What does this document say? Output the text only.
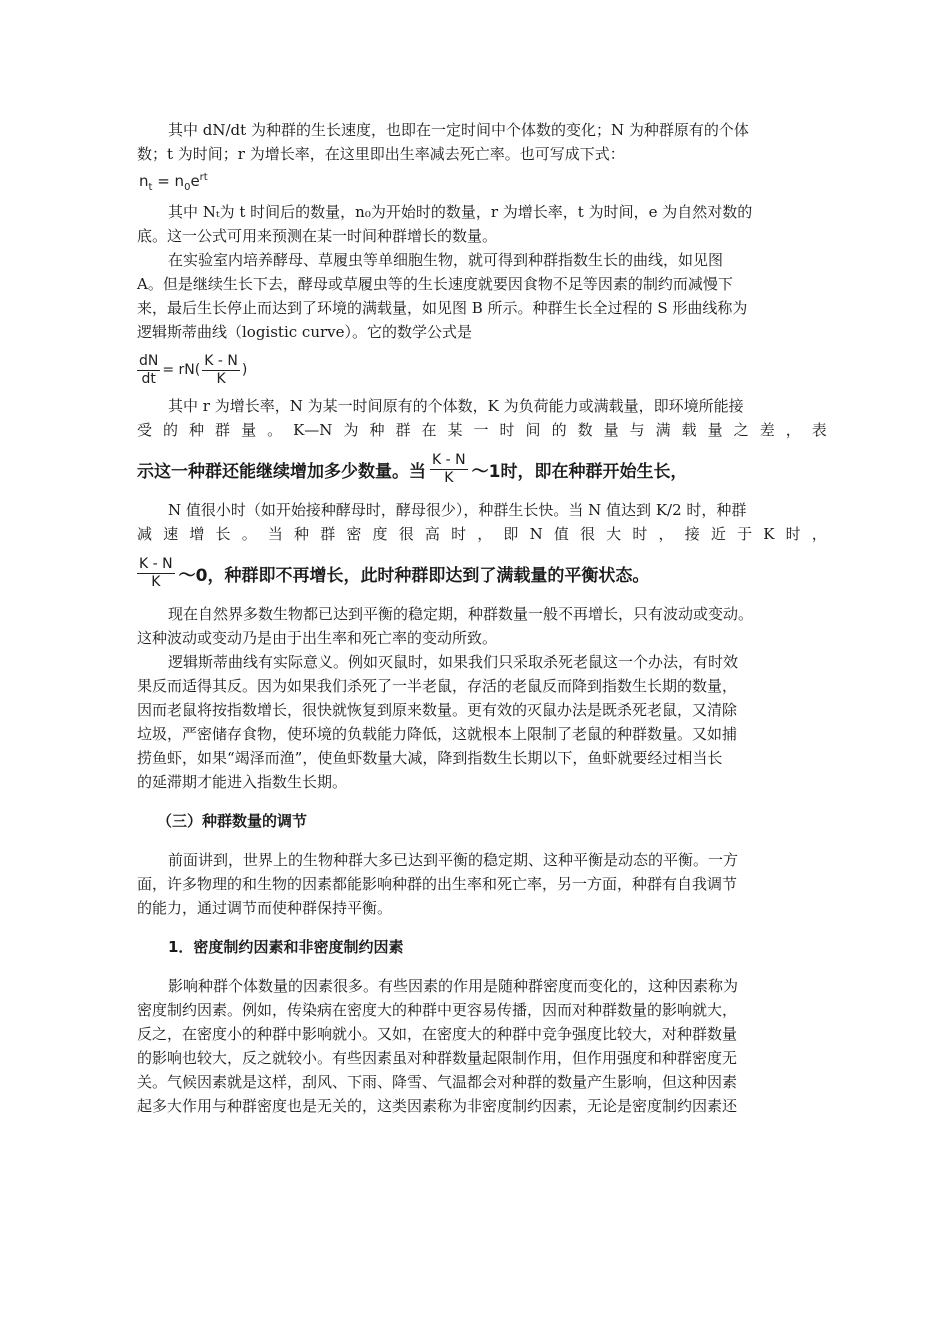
其中 dN/dt 为种群的生长速度，也即在一定时间中个体数的变化；N 为种群原有的个体

数；t 为时间；r 为增长率，在这里即出生率减去死亡率。也可写成下式：

$n_t = n_0e^{rt}$

其中 Nₜ为 t 时间后的数量，n₀为开始时的数量，r 为增长率，t 为时间，e 为自然对数的

底。这一公式可用来预测在某一时间种群增长的数量。

在实验室内培养酵母、草履虫等单细胞生物，就可得到种群指数生长的曲线，如见图

A。但是继续生长下去，酵母或草履虫等的生长速度就要因食物不足等因素的制约而减慢下

来，最后生长停止而达到了环境的满载量，如见图 B 所示。种群生长全过程的 S 形曲线称为

逻辑斯蒂曲线（logistic curve）。它的数学公式是

$\frac{dN}{dt} = rN( \frac{K - N}{K}$ )

其中 r 为增长率，N 为某一时间原有的个体数，K 为负荷能力或满载量，即环境所能接

受 的 种 群 量 。 K—N 为 种 群 在 某 一 时 间 的 数 量 与 满 载 量 之 差 ， 表
示这一种群还能继续增加多少数量。当 $\frac{K - N}{K}$ ～1时，即在种群开始生长，

N 值很小时（如开始接种酵母时，酵母很少），种群生长快。当 N 值达到 K/2 时，种群

减 速 增 长 。 当 种 群 密 度 很 高 时 ， 即 N 值 很 大 时 ， 接 近 于 K 时 ，
$\frac{K - N}{K}$ ～0，种群即不再增长，此时种群即达到了满载量的平衡状态。

现在自然界多数生物都已达到平衡的稳定期，种群数量一般不再增长，只有波动或变动。

这种波动或变动乃是由于出生率和死亡率的变动所致。

逻辑斯蒂曲线有实际意义。例如灭鼠时，如果我们只采取杀死老鼠这一个办法，有时效

果反而适得其反。因为如果我们杀死了一半老鼠，存活的老鼠反而降到指数生长期的数量，

因而老鼠将按指数增长，很快就恢复到原来数量。更有效的灭鼠办法是既杀死老鼠，又清除

垃圾，严密储存食物，使环境的负载能力降低，这就根本上限制了老鼠的种群数量。又如捕

捞鱼虾，如果“竭泽而渔”，使鱼虾数量大减，降到指数生长期以下，鱼虾就要经过相当长

的延滞期才能进入指数生长期。

（三）种群数量的调节

前面讲到，世界上的生物种群大多已达到平衡的稳定期、这种平衡是动态的平衡。一方

面，许多物理的和生物的因素都能影响种群的出生率和死亡率，另一方面，种群有自我调节

的能力，通过调节而使种群保持平衡。

1．密度制约因素和非密度制约因素

影响种群个体数量的因素很多。有些因素的作用是随种群密度而变化的，这种因素称为

密度制约因素。例如，传染病在密度大的种群中更容易传播，因而对种群数量的影响就大，

反之，在密度小的种群中影响就小。又如，在密度大的种群中竞争强度比较大，对种群数量

的影响也较大，反之就较小。有些因素虽对种群数量起限制作用，但作用强度和种群密度无

关。气候因素就是这样，刮风、下雨、降雪、气温都会对种群的数量产生影响，但这种因素

起多大作用与种群密度也是无关的，这类因素称为非密度制约因素，无论是密度制约因素还
